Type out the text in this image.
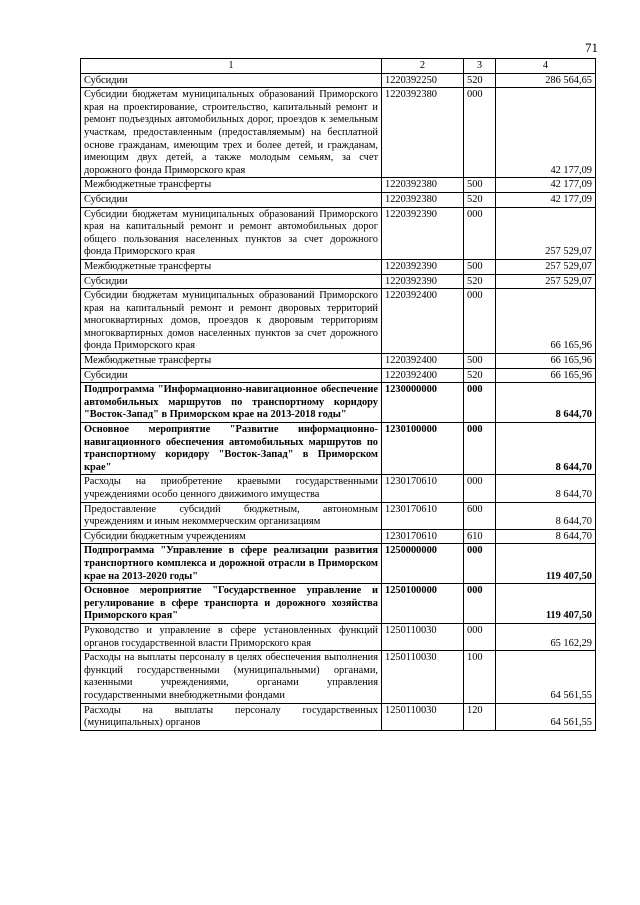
71
1	2	3	4
Субсидии	1220392250	520	286 564,65
Субсидии бюджетам муниципальных образований Приморского края на проектирование, строительство, капитальный ремонт и ремонт подъездных автомобильных дорог, проездов к земельным участкам, предоставленным (предоставляемым) на бесплатной основе гражданам, имеющим трех и более детей, и гражданам, имеющим двух детей, а также молодым семьям, за счет дорожного фонда Приморского края	1220392380	000	42 177,09
Межбюджетные трансферты	1220392380	500	42 177,09
Субсидии	1220392380	520	42 177,09
Субсидии бюджетам муниципальных образований Приморского края на капитальный ремонт и ремонт автомобильных дорог общего пользования населенных пунктов за счет дорожного фонда Приморского края	1220392390	000	257 529,07
Межбюджетные трансферты	1220392390	500	257 529,07
Субсидии	1220392390	520	257 529,07
Субсидии бюджетам муниципальных образований Приморского края на капитальный ремонт и ремонт дворовых территорий многоквартирных домов, проездов к дворовым территориям многоквартирных домов населенных пунктов за счет дорожного фонда Приморского края	1220392400	000	66 165,96
Межбюджетные трансферты	1220392400	500	66 165,96
Субсидии	1220392400	520	66 165,96
Подпрограмма "Информационно-навигационное обеспечение автомобильных маршрутов по транспортному коридору "Восток-Запад" в Приморском крае на 2013-2018 годы"	1230000000	000	8 644,70
Основное мероприятие "Развитие информационно-навигационного обеспечения автомобильных маршрутов по транспортному коридору "Восток-Запад" в Приморском крае"	1230100000	000	8 644,70
Расходы на приобретение краевыми государственными учреждениями особо ценного движимого имущества	1230170610	000	8 644,70
Предоставление субсидий бюджетным, автономным учреждениям и иным некоммерческим организациям	1230170610	600	8 644,70
Субсидии бюджетным учреждениям	1230170610	610	8 644,70
Подпрограмма "Управление в сфере реализации развития транспортного комплекса и дорожной отрасли в Приморском крае на 2013-2020 годы"	1250000000	000	119 407,50
Основное мероприятие "Государственное управление и регулирование в сфере транспорта и дорожного хозяйства Приморского края"	1250100000	000	119 407,50
Руководство и управление в сфере установленных функций органов государственной власти Приморского края	1250110030	000	65 162,29
Расходы на выплаты персоналу в целях обеспечения выполнения функций государственными (муниципальными) органами, казенными учреждениями, органами управления государственными внебюджетными фондами	1250110030	100	64 561,55
Расходы на выплаты персоналу государственных (муниципальных) органов	1250110030	120	64 561,55
